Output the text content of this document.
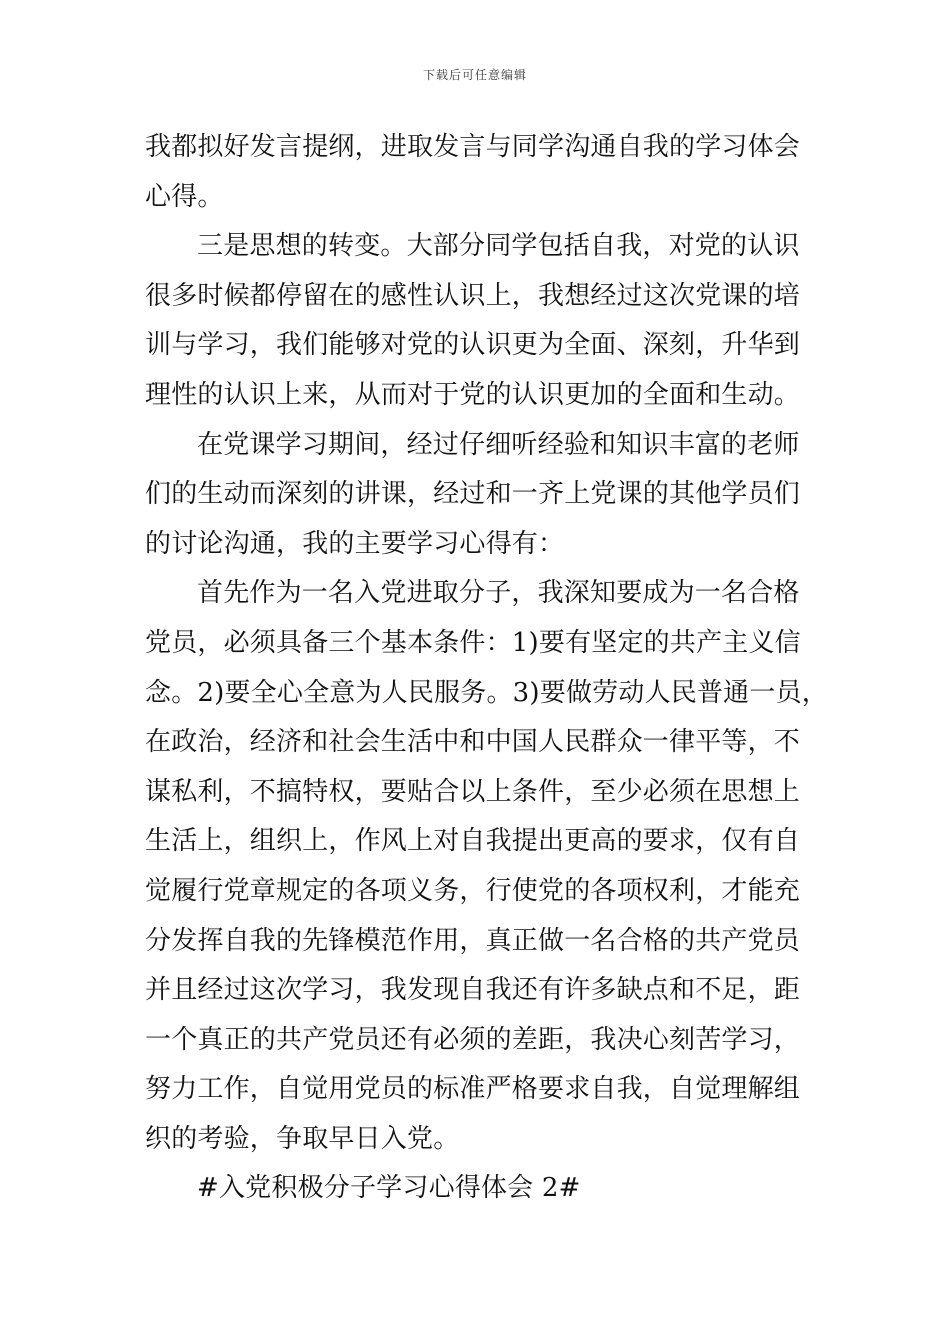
下载后可任意编辑
我都拟好发言提纲，进取发言与同学沟通自我的学习体会
心得。
三是思想的转变。大部分同学包括自我，对党的认识
很多时候都停留在的感性认识上，我想经过这次党课的培
训与学习，我们能够对党的认识更为全面、深刻，升华到
理性的认识上来，从而对于党的认识更加的全面和生动。
在党课学习期间，经过仔细听经验和知识丰富的老师
们的生动而深刻的讲课，经过和一齐上党课的其他学员们
的讨论沟通，我的主要学习心得有：
首先作为一名入党进取分子，我深知要成为一名合格
党员，必须具备三个基本条件：1)要有坚定的共产主义信
念。2)要全心全意为人民服务。3)要做劳动人民普通一员，
在政治，经济和社会生活中和中国人民群众一律平等，不
谋私利，不搞特权，要贴合以上条件，至少必须在思想上
生活上，组织上，作风上对自我提出更高的要求，仅有自
觉履行党章规定的各项义务，行使党的各项权利，才能充
分发挥自我的先锋模范作用，真正做一名合格的共产党员
并且经过这次学习，我发现自我还有许多缺点和不足，距
一个真正的共产党员还有必须的差距，我决心刻苦学习，
努力工作，自觉用党员的标准严格要求自我，自觉理解组
织的考验，争取早日入党。
#入党积极分子学习心得体会 2#
